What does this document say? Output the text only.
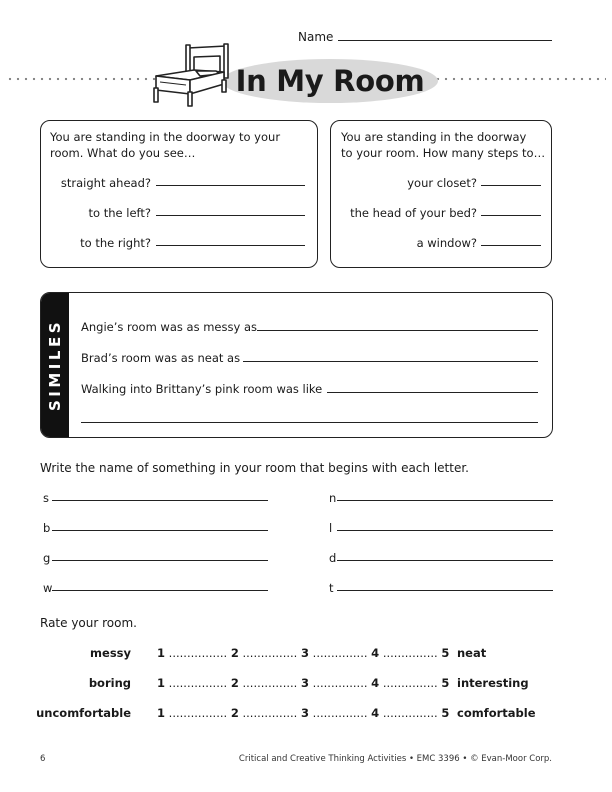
Name
In My Room
You are standing in the doorway to your
room. What do you see…
straight ahead?
to the left?
to the right?
You are standing in the doorway
to your room. How many steps to…
your closet?
the head of your bed?
a window?
SIMILES Angie’s room was as messy as
Brad’s room was as neat as
Walking into Brittany’s pink room was like
Write the name of something in your room that begins with each letter.
s
b
g
w
n
l
d
t
Rate your room.
messy 1 ................ 2 ............... 3 ............... 4 ............... 5 neat
boring 1 ................ 2 ............... 3 ............... 4 ............... 5 interesting
uncomfortable 1 ................ 2 ............... 3 ............... 4 ............... 5 comfortable
6	Critical and Creative Thinking Activities • EMC 3396 • © Evan-Moor Corp.
